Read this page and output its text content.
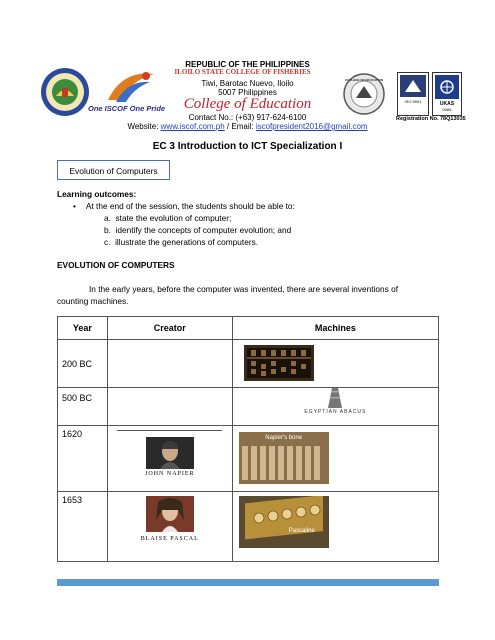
One ISCOF One Pride
REPUBLIC OF THE PHILIPPINES
ILOILO STATE COLLEGE OF FISHERIES
Tiwi, Barotac Nuevo, Iloilo
5007 Philippines
College of Education
Contact No.: (+63) 917-624-6100
Website: www.iscof.com.ph / Email: iscofpresident2016@gmail.com
COLLEGE OF EDUCATION
ISO 9001	UKAS
0065
Registration No. 78Q13035
EC 3 Introduction to ICT Specialization I
Evolution of Computers
Learning outcomes:
• At the end of the session, the students should be able to:
a.  state the evolution of computer;
b.  identify the concepts of computer evolution; and
c.  illustrate the generations of computers.
EVOLUTION OF COMPUTERS
In the early years, before the computer was invented, there are several inventions of
counting machines.
Year	Creator	Machines
200 BC		

500 BC		EGYPTIAN ABACUS

1620	JOHN NAPIER	Napier's bone

1653	BLAISE PASCAL	Pascaline
